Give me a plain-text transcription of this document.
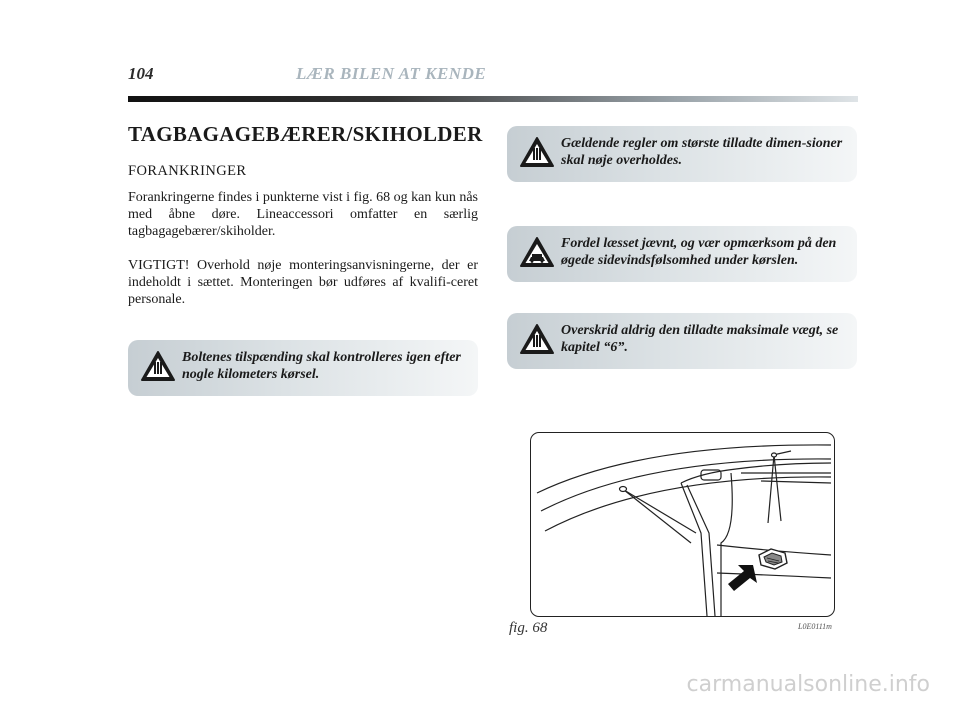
104	LÆR BILEN AT KENDE
TAGBAGAGEBÆRER/SKIHOLDER
FORANKRINGER
Forankringerne findes i punkterne vist i fig. 68 og kan kun nås med åbne døre. Lineaccessori omfatter en særlig tagbagagebærer/skiholder.
VIGTIGT! Overhold nøje monteringsanvisningerne, der er indeholdt i sættet. Monteringen bør udføres af kvalifi-ceret personale.
Boltenes tilspænding skal kontrolleres igen efter nogle kilometers kørsel.
Gældende regler om største tilladte dimen-sioner skal nøje overholdes.
Fordel læsset jævnt, og vær opmærksom på den øgede sidevindsfølsomhed under kørslen.
Overskrid aldrig den tilladte maksimale vægt, se kapitel “6”.
fig. 68	L0E0111m
carmanualsonline.info
